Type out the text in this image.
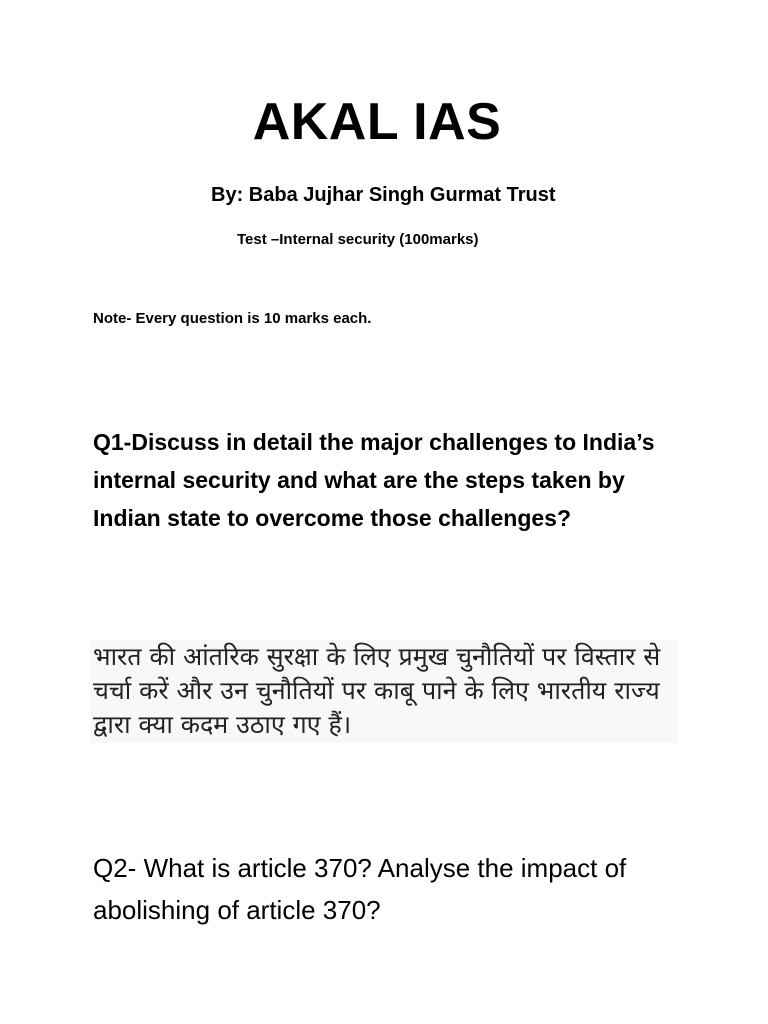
AKAL IAS
By: Baba Jujhar Singh Gurmat Trust
Test –Internal security (100marks)
Note- Every question is 10 marks each.
Q1-Discuss in detail the major challenges to India’s internal security and what are the steps taken by Indian state to overcome those challenges?
भारत की आंतरिक सुरक्षा के लिए प्रमुख चुनौतियों पर विस्तार से चर्चा करें और उन चुनौतियों पर काबू पाने के लिए भारतीय राज्य द्वारा क्या कदम उठाए गए हैं।
Q2- What is article 370? Analyse the impact of abolishing of article 370?
